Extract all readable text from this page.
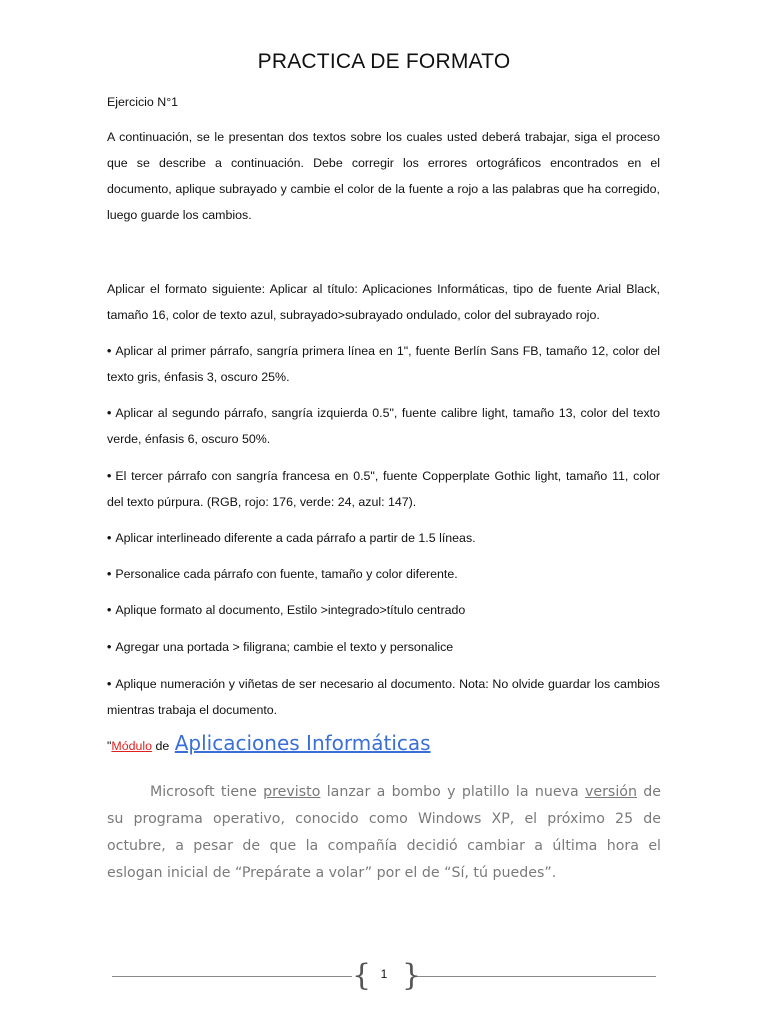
PRACTICA DE FORMATO
Ejercicio N°1
A continuación, se le presentan dos textos sobre los cuales usted deberá trabajar, siga el proceso que se describe a continuación. Debe corregir los errores ortográficos encontrados en el documento, aplique subrayado y cambie el color de la fuente a rojo a las palabras que ha corregido, luego guarde los cambios.
Aplicar el formato siguiente: Aplicar al título: Aplicaciones Informáticas, tipo de fuente Arial Black, tamaño 16, color de texto azul, subrayado>subrayado ondulado, color del subrayado rojo.
• Aplicar al primer párrafo, sangría primera línea en 1", fuente Berlín Sans FB, tamaño 12, color del texto gris, énfasis 3, oscuro 25%.
• Aplicar al segundo párrafo, sangría izquierda 0.5", fuente calibre light, tamaño 13, color del texto verde, énfasis 6, oscuro 50%.
• El tercer párrafo con sangría francesa en 0.5", fuente Copperplate Gothic light, tamaño 11, color del texto púrpura. (RGB, rojo: 176, verde: 24, azul: 147).
• Aplicar interlineado diferente a cada párrafo a partir de 1.5 líneas.
• Personalice cada párrafo con fuente, tamaño y color diferente.
• Aplique formato al documento, Estilo >integrado>título centrado
• Agregar una portada > filigrana; cambie el texto y personalice
• Aplique numeración y viñetas de ser necesario al documento. Nota: No olvide guardar los cambios mientras trabaja el documento.
"Módulo de Aplicaciones Informáticas
Microsoft tiene previsto lanzar a bombo y platillo la nueva versión de su programa operativo, conocido como Windows XP, el próximo 25 de octubre, a pesar de que la compañía decidió cambiar a última hora el eslogan inicial de “Prepárate a volar” por el de “Sí, tú puedes”.
{ }
1
